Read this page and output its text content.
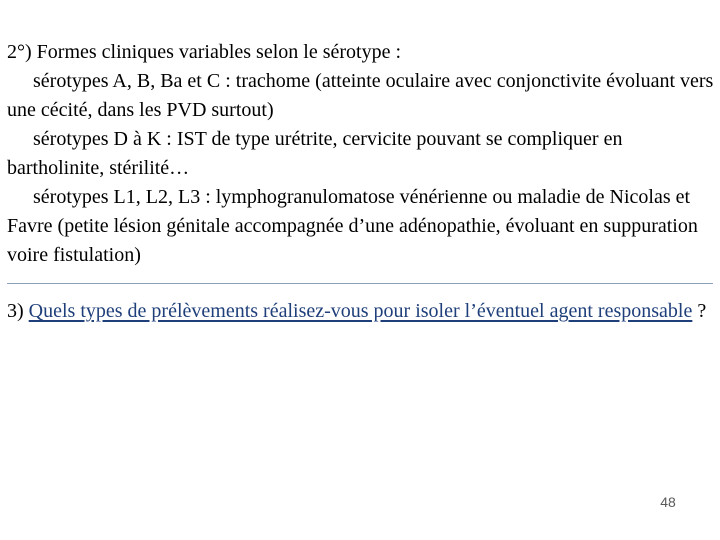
2°) Formes cliniques variables selon le sérotype :

sérotypes A, B, Ba et C : trachome (atteinte oculaire avec conjonctivite évoluant vers une cécité, dans les PVD surtout)

sérotypes D à K : IST de type urétrite, cervicite pouvant se compliquer en bartholinite, stérilité…

sérotypes L1, L2, L3 : lymphogranulomatose vénérienne ou maladie de Nicolas et Favre (petite lésion génitale accompagnée d’une adénopathie, évoluant en suppuration voire fistulation)

3) Quels types de prélèvements réalisez-vous pour isoler l’éventuel agent responsable ?

48
